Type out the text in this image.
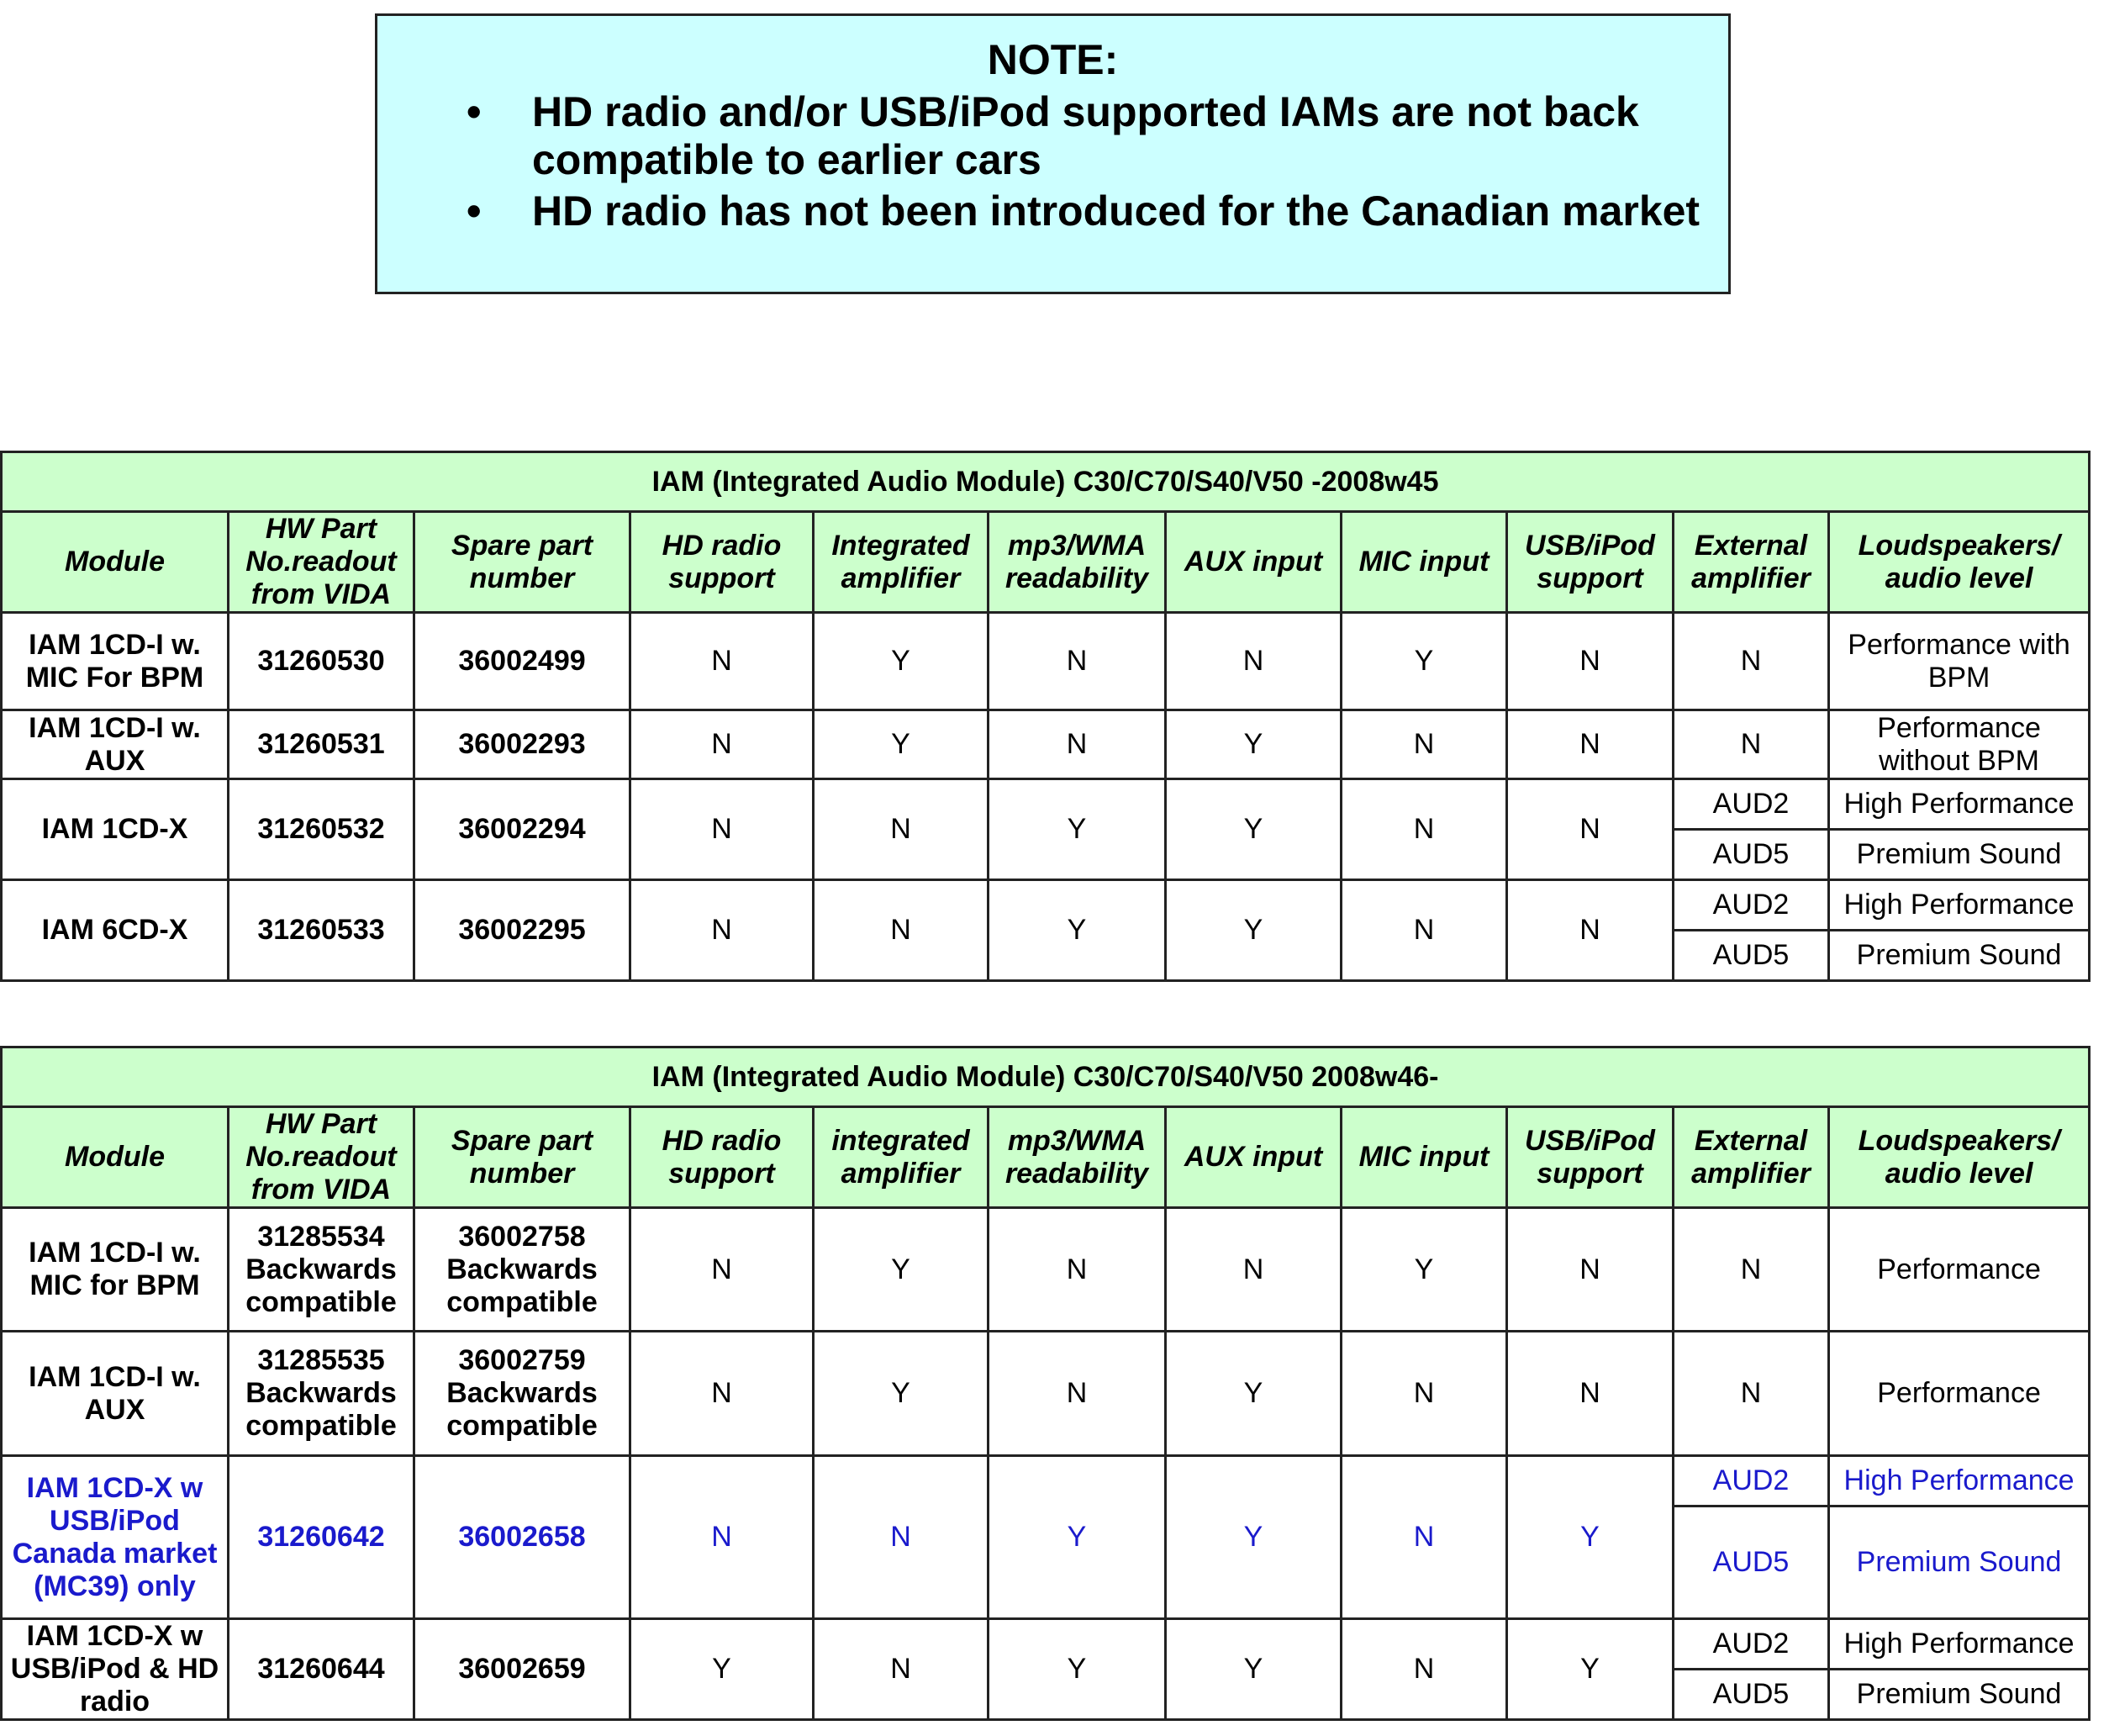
NOTE:
• HD radio and/or USB/iPod supported IAMs are not back compatible to earlier cars
• HD radio has not been introduced for the Canadian market
IAM (Integrated Audio Module) C30/C70/S40/V50 -2008w45										
Module	HW Part No.readout from VIDA	Spare part number	HD radio support	Integrated amplifier	mp3/WMA readability	AUX input	MIC input	USB/iPod support	External amplifier	Loudspeakers/ audio level
IAM 1CD-I w. MIC For BPM	31260530	36002499	N	Y	N	N	Y	N	N	Performance with BPM
IAM 1CD-I w. AUX	31260531	36002293	N	Y	N	Y	N	N	N	Performance without BPM
IAM 1CD-X	31260532	36002294	N	N	Y	Y	N	N	AUD2	High Performance
									AUD5	Premium Sound
IAM 6CD-X	31260533	36002295	N	N	Y	Y	N	N	AUD2	High Performance
									AUD5	Premium Sound
IAM (Integrated Audio Module) C30/C70/S40/V50 2008w46-										
Module	HW Part No.readout from VIDA	Spare part number	HD radio support	integrated amplifier	mp3/WMA readability	AUX input	MIC input	USB/iPod support	External amplifier	Loudspeakers/ audio level
IAM 1CD-I w. MIC for BPM	31285534 Backwards compatible	36002758 Backwards compatible	N	Y	N	N	Y	N	N	Performance
IAM 1CD-I w. AUX	31285535 Backwards compatible	36002759 Backwards compatible	N	Y	N	Y	N	N	N	Performance
IAM 1CD-X w USB/iPod Canada market (MC39) only	31260642	36002658	N	N	Y	Y	N	Y	AUD2	High Performance
									AUD5	Premium Sound
IAM 1CD-X w USB/iPod & HD radio	31260644	36002659	Y	N	Y	Y	N	Y	AUD2	High Performance
									AUD5	Premium Sound
